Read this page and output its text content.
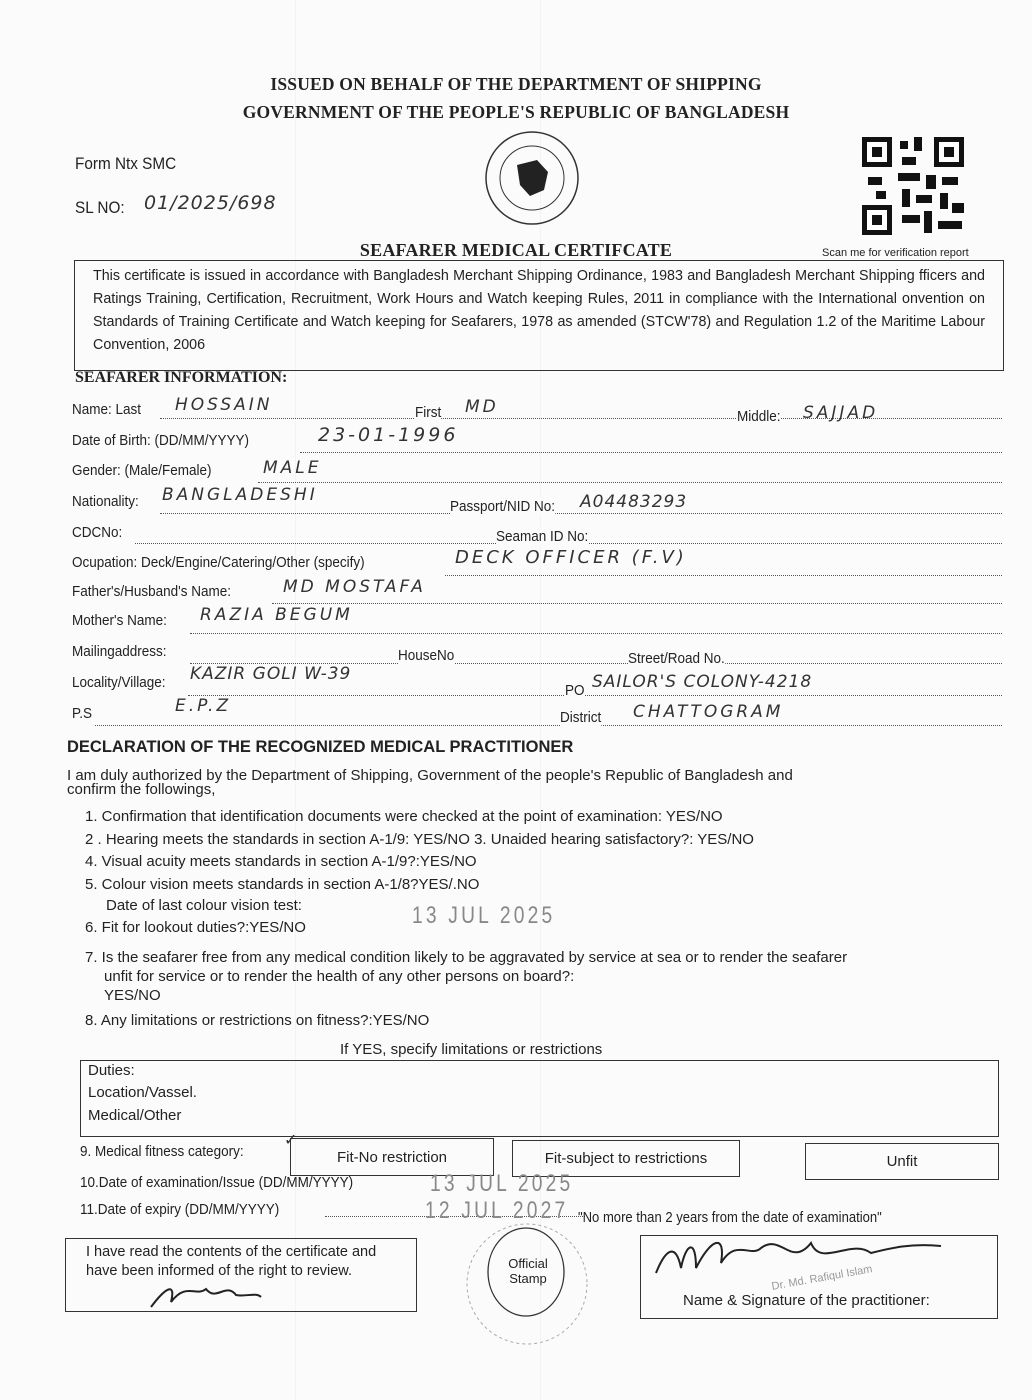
ISSUED ON BEHALF OF THE DEPARTMENT OF SHIPPING
GOVERNMENT OF THE PEOPLE'S REPUBLIC OF BANGLADESH
Scan me for verification report
Form Ntx SMC
SL NO: 01/2025/698
SEAFARER MEDICAL CERTIFCATE
This certificate is issued in accordance with Bangladesh Merchant Shipping Ordinance, 1983 and Bangladesh Merchant Shipping fficers and Ratings Training, Certification, Recruitment, Work Hours and Watch keeping Rules, 2011 in compliance with the International onvention on Standards of Training Certificate and Watch keeping for Seafarers, 1978 as amended (STCW'78) and Regulation 1.2 of the Maritime Labour Convention, 2006
SEAFARER INFORMATION:
Name: Last HOSSAIN	First MD	Middle: SAJJAD
Date of Birth: (DD/MM/YYYY)	23-01-1996
Gender: (Male/Female)	MALE
Nationality: BANGLADESHI
Passport/NID No: A04483293
CDCNo:	Seaman ID No:
Ocupation: Deck/Engine/Catering/Other (specify)	DECK OFFICER (F.V)
Father's/Husband's Name:	MD MOSTAFA
Mother's Name: RAZIA BEGUM
Mailingaddress:	HouseNo	Street/Road No.
Locality/Village: KAZIR GOLI W-39
PO SAILOR'S COLONY-4218
P.S	E.P.Z
District CHATTOGRAM
DECLARATION OF THE RECOGNIZED MEDICAL PRACTITIONER
I am duly authorized by the Department of Shipping, Government of the people's Republic of Bangladesh and
confirm the followings,
1. Confirmation that identification documents were checked at the point of examination: YES/NO
2 . Hearing meets the standards in section A-1/9: YES/NO 3. Unaided hearing satisfactory?: YES/NO
4. Visual acuity meets standards in section A-1/9?:YES/NO
5. Colour vision meets standards in section A-1/8?YES/.NO
Date of last colour vision test:	13 JUL 2025
6. Fit for lookout duties?:YES/NO
7. Is the seafarer free from any medical condition likely to be aggravated by service at sea or to render the seafarer
unfit for service or to render the health of any other persons on board?:
YES/NO
8. Any limitations or restrictions on fitness?:YES/NO
If YES, specify limitations or restrictions
Duties:
Location/Vassel.
Medical/Other
9. Medical fitness category:
✓
Fit-No restriction	Fit-subject to restrictions	Unfit
10.Date of examination/Issue (DD/MM/YYYY)	13 JUL 2025
11.Date of expiry (DD/MM/YYYY)	12 JUL 2027 "No more than 2 years from the date of examination"
I have read the contents of the certificate and have been informed of the right to review.	Official Stamp	Dr. Md. Rafiqul Islam
Name & Signature of the practitioner:
